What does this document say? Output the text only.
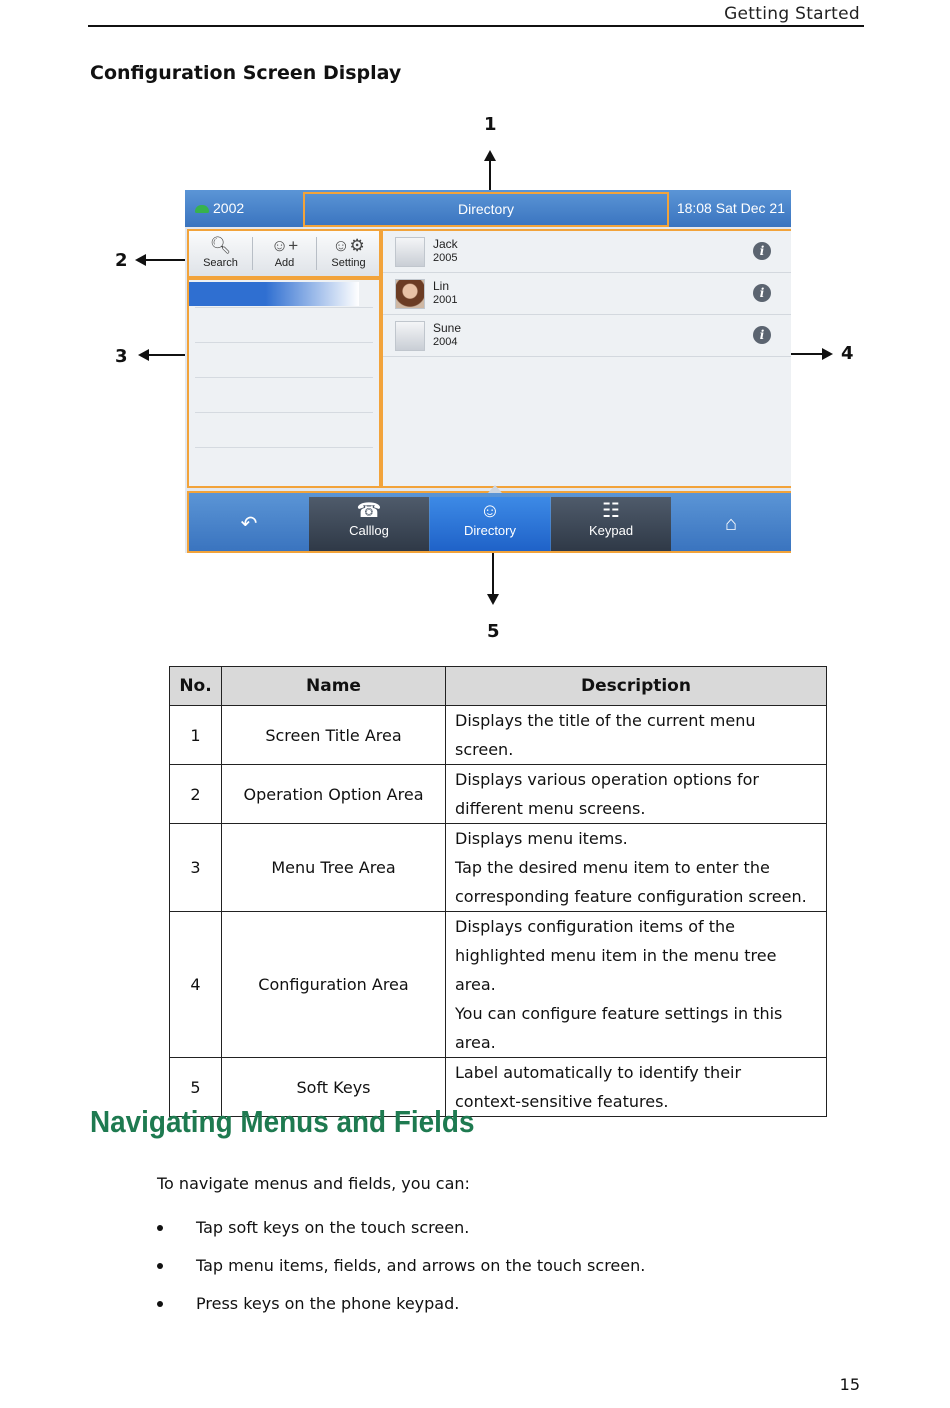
Getting Started
Configuration Screen Display
1
2
3	4
5
2002	Directory	18:08 Sat Dec 21
🔍︎
Search
☺+
Add
☺⚙
Setting
Jack
2005	i
Lin
2001	i
Sune
2004	i
↶
☎
Calllog
☺
Directory
☷
Keypad	⌂
No.	Name	Description
1	Screen Title Area	Displays the title of the current menu screen.

2	Operation Option Area	Displays various operation options for
different menu screens.

3	Menu Tree Area	Displays menu items.
Tap the desired menu item to enter the
corresponding feature configuration screen.

4	Configuration Area	Displays configuration items of the
highlighted menu item in the menu tree area.
You can configure feature settings in this
area.

5	Soft Keys	Label automatically to identify their
context-sensitive features.
Navigating Menus and Fields
To navigate menus and fields, you can:
Tap soft keys on the touch screen.
Tap menu items, fields, and arrows on the touch screen.
Press keys on the phone keypad.
15
